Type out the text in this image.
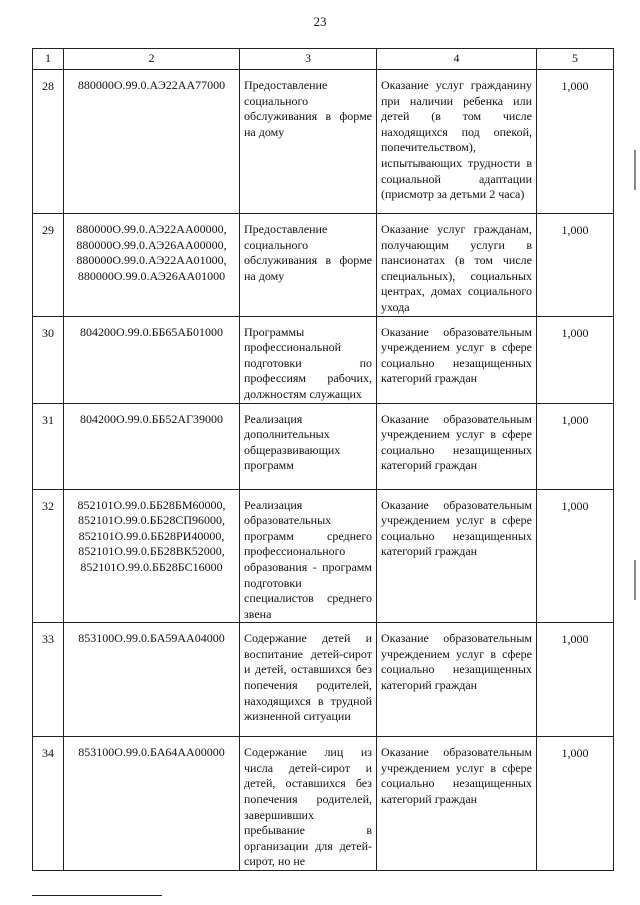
23
1	2	3	4	5
28	880000О.99.0.АЭ22АА77000	Предоставление социального обслуживания в форме на дому	Оказание услуг гражданину при наличии ребенка или детей (в том числе находящихся под опекой, попечительством), испытывающих трудности в социальной адаптации (присмотр за детьми 2 часа)	1,000
29	880000О.99.0.АЭ22АА00000,
880000О.99.0.АЭ26АА00000,
880000О.99.0.АЭ22АА01000,
880000О.99.0.АЭ26АА01000	Предоставление социального обслуживания в форме на дому	Оказание услуг гражданам, получающим услуги в пансионатах (в том числе специальных), социальных центрах, домах социального ухода	1,000
30	804200О.99.0.ББ65АБ01000	Программы профессиональной подготовки по профессиям рабочих, должностям служащих	Оказание образовательным учреждением услуг в сфере социально незащищенных категорий граждан	1,000
31	804200О.99.0.ББ52АГ39000	Реализация дополнительных общеразвивающих программ	Оказание образовательным учреждением услуг в сфере социально незащищенных категорий граждан	1,000
32	852101О.99.0.ББ28БМ60000,
852101О.99.0.ББ28СП96000,
852101О.99.0.ББ28РИ40000,
852101О.99.0.ББ28ВК52000,
852101О.99.0.ББ28БС16000	Реализация образовательных программ среднего профессионального образования - программ подготовки специалистов среднего звена	Оказание образовательным учреждением услуг в сфере социально незащищенных категорий граждан	1,000
33	853100О.99.0.БА59АА04000	Содержание детей и воспитание детей-сирот и детей, оставшихся без попечения родителей, находящихся в трудной жизненной ситуации	Оказание образовательным учреждением услуг в сфере социально незащищенных категорий граждан	1,000
34	853100О.99.0.БА64АА00000	Содержание лиц из числа детей-сирот и детей, оставшихся без попечения родителей, завершивших пребывание в организации для детей-сирот, но не	Оказание образовательным учреждением услуг в сфере социально незащищенных категорий граждан	1,000
